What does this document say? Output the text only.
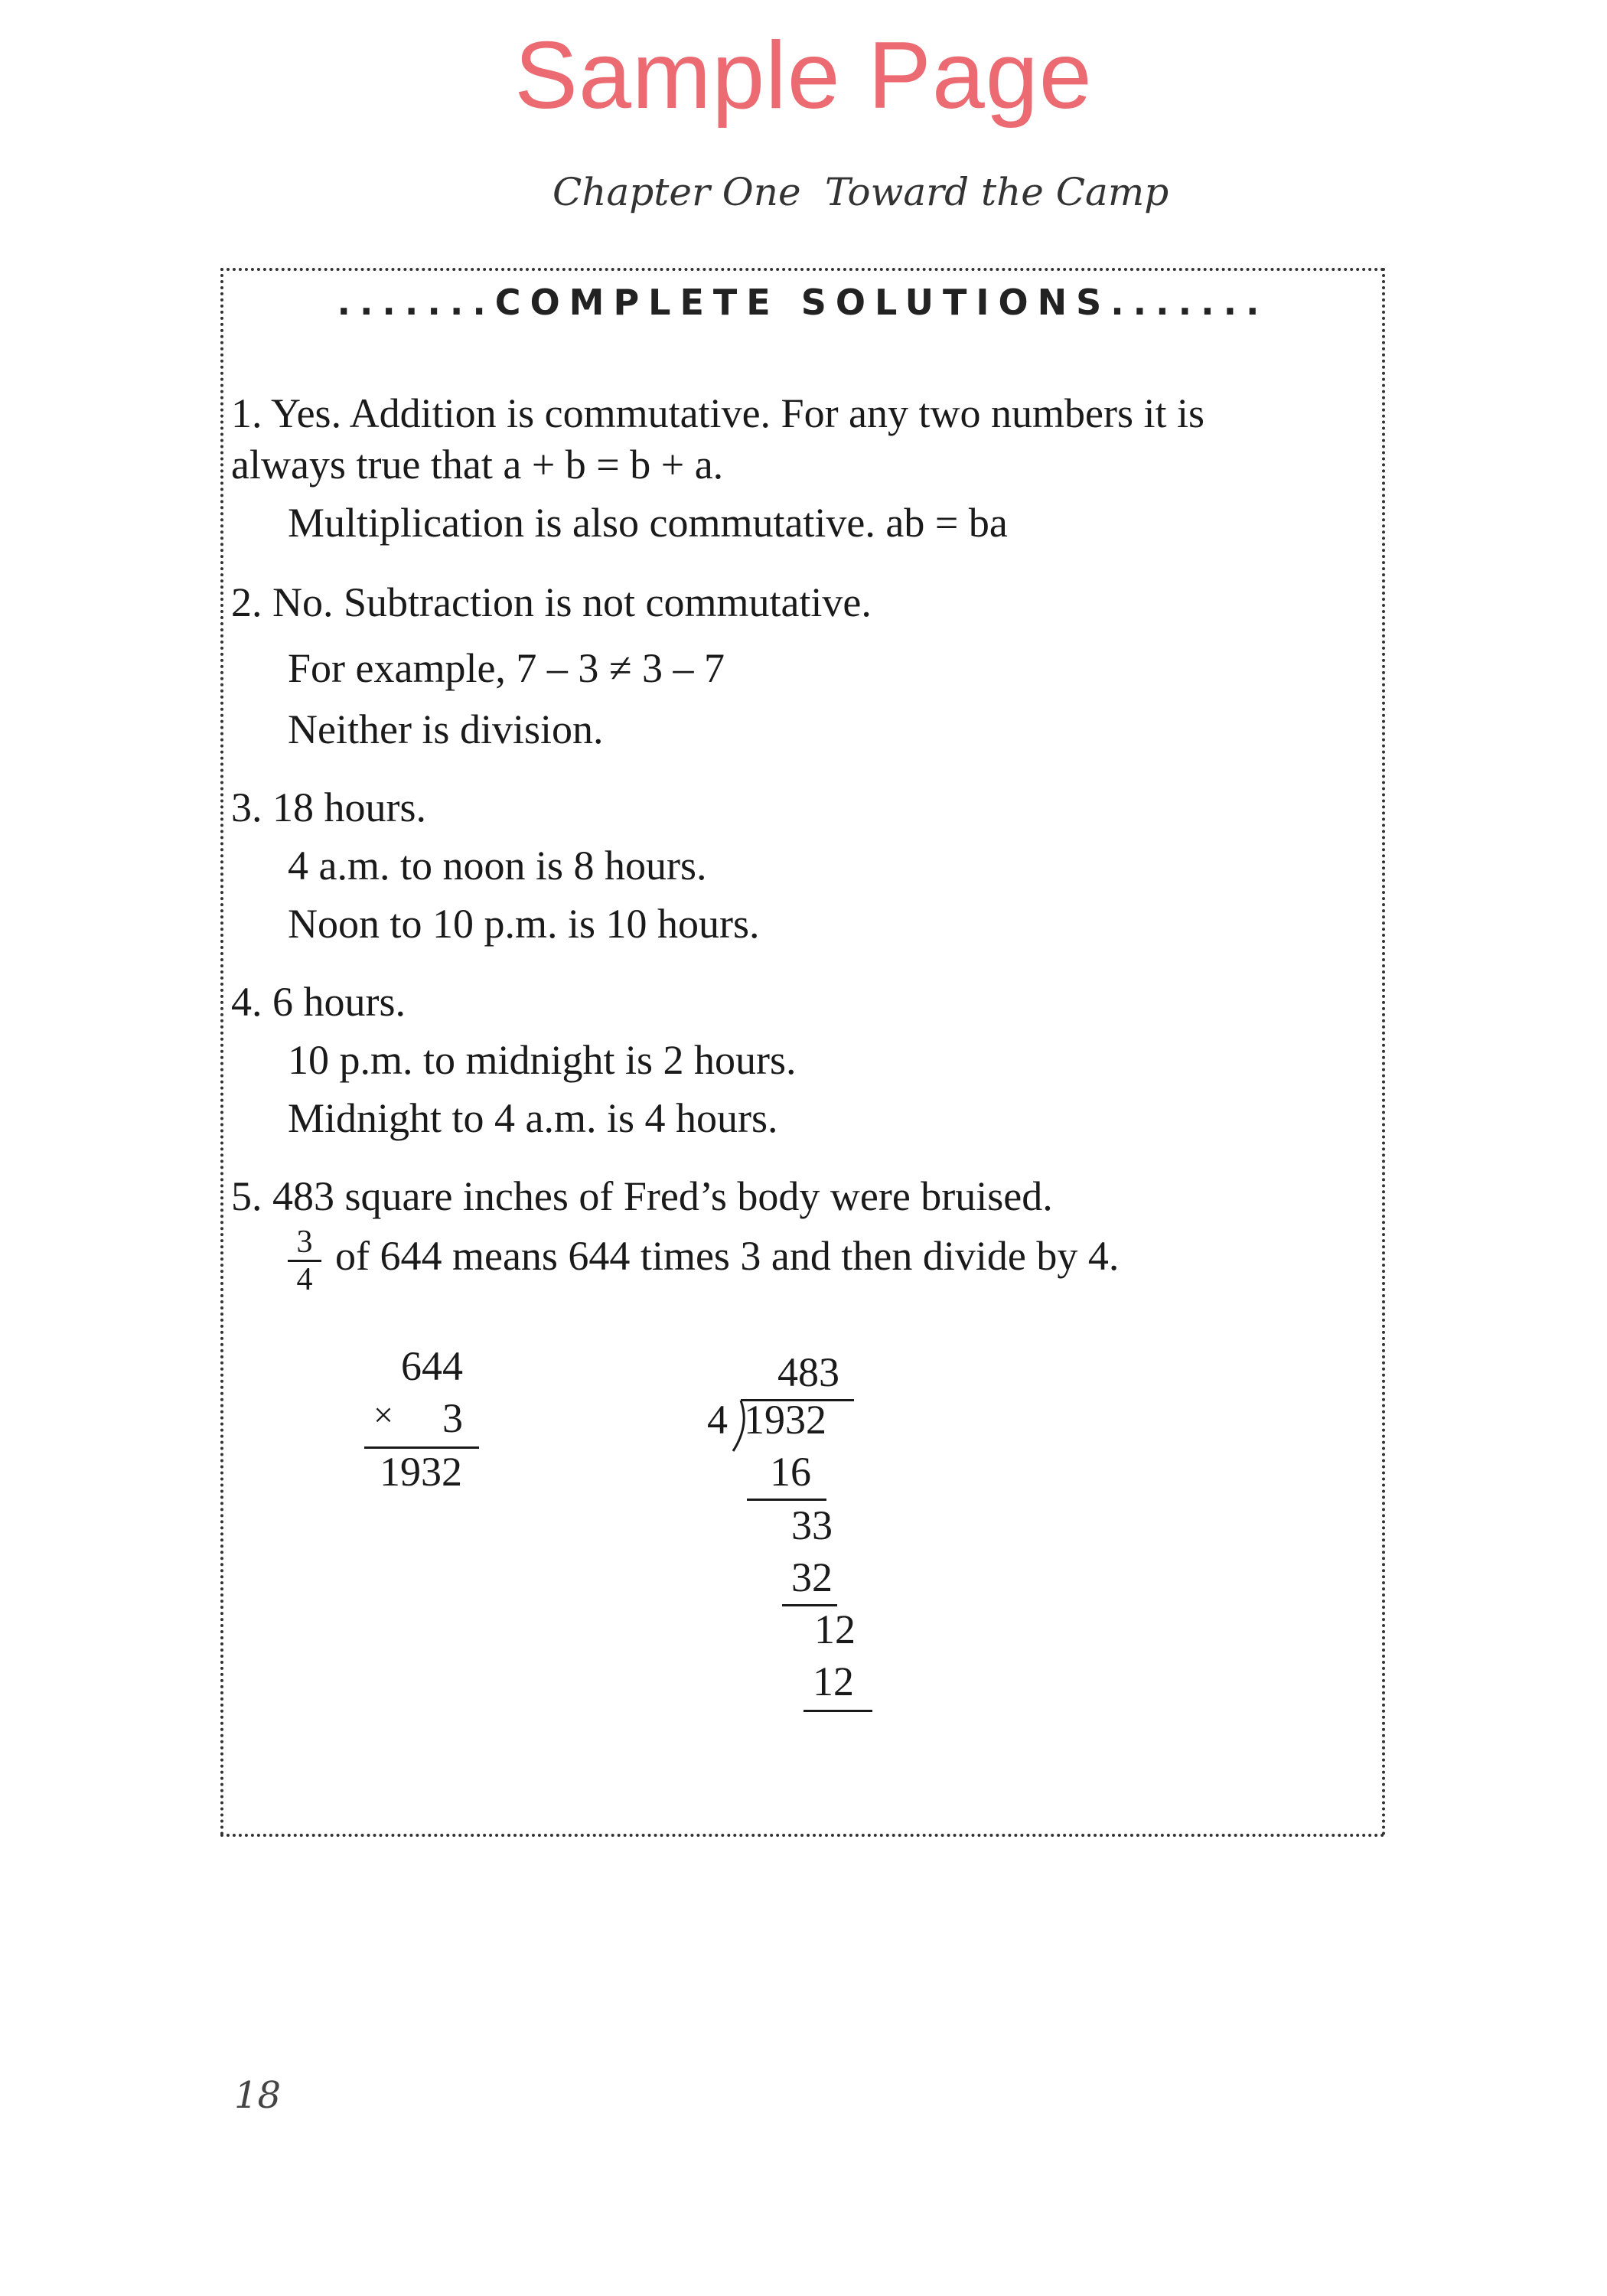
Sample Page
Chapter One Toward the Camp
.......COMPLETE SOLUTIONS.......
1. Yes. Addition is commutative. For any two numbers it is
always true that a + b = b + a.
Multiplication is also commutative. ab = ba
2. No. Subtraction is not commutative.
For example, 7 – 3 ≠ 3 – 7
Neither is division.
3. 18 hours.
4 a.m. to noon is 8 hours.
Noon to 10 p.m. is 10 hours.
4. 6 hours.
10 p.m. to midnight is 2 hours.
Midnight to 4 a.m. is 4 hours.
5. 483 square inches of Fred’s body were bruised.
$\frac{3}{4}$ of 644 means 644 times 3 and then divide by 4.
644
× 3
1932
483
4 1932
16
33
32
12
12
18
